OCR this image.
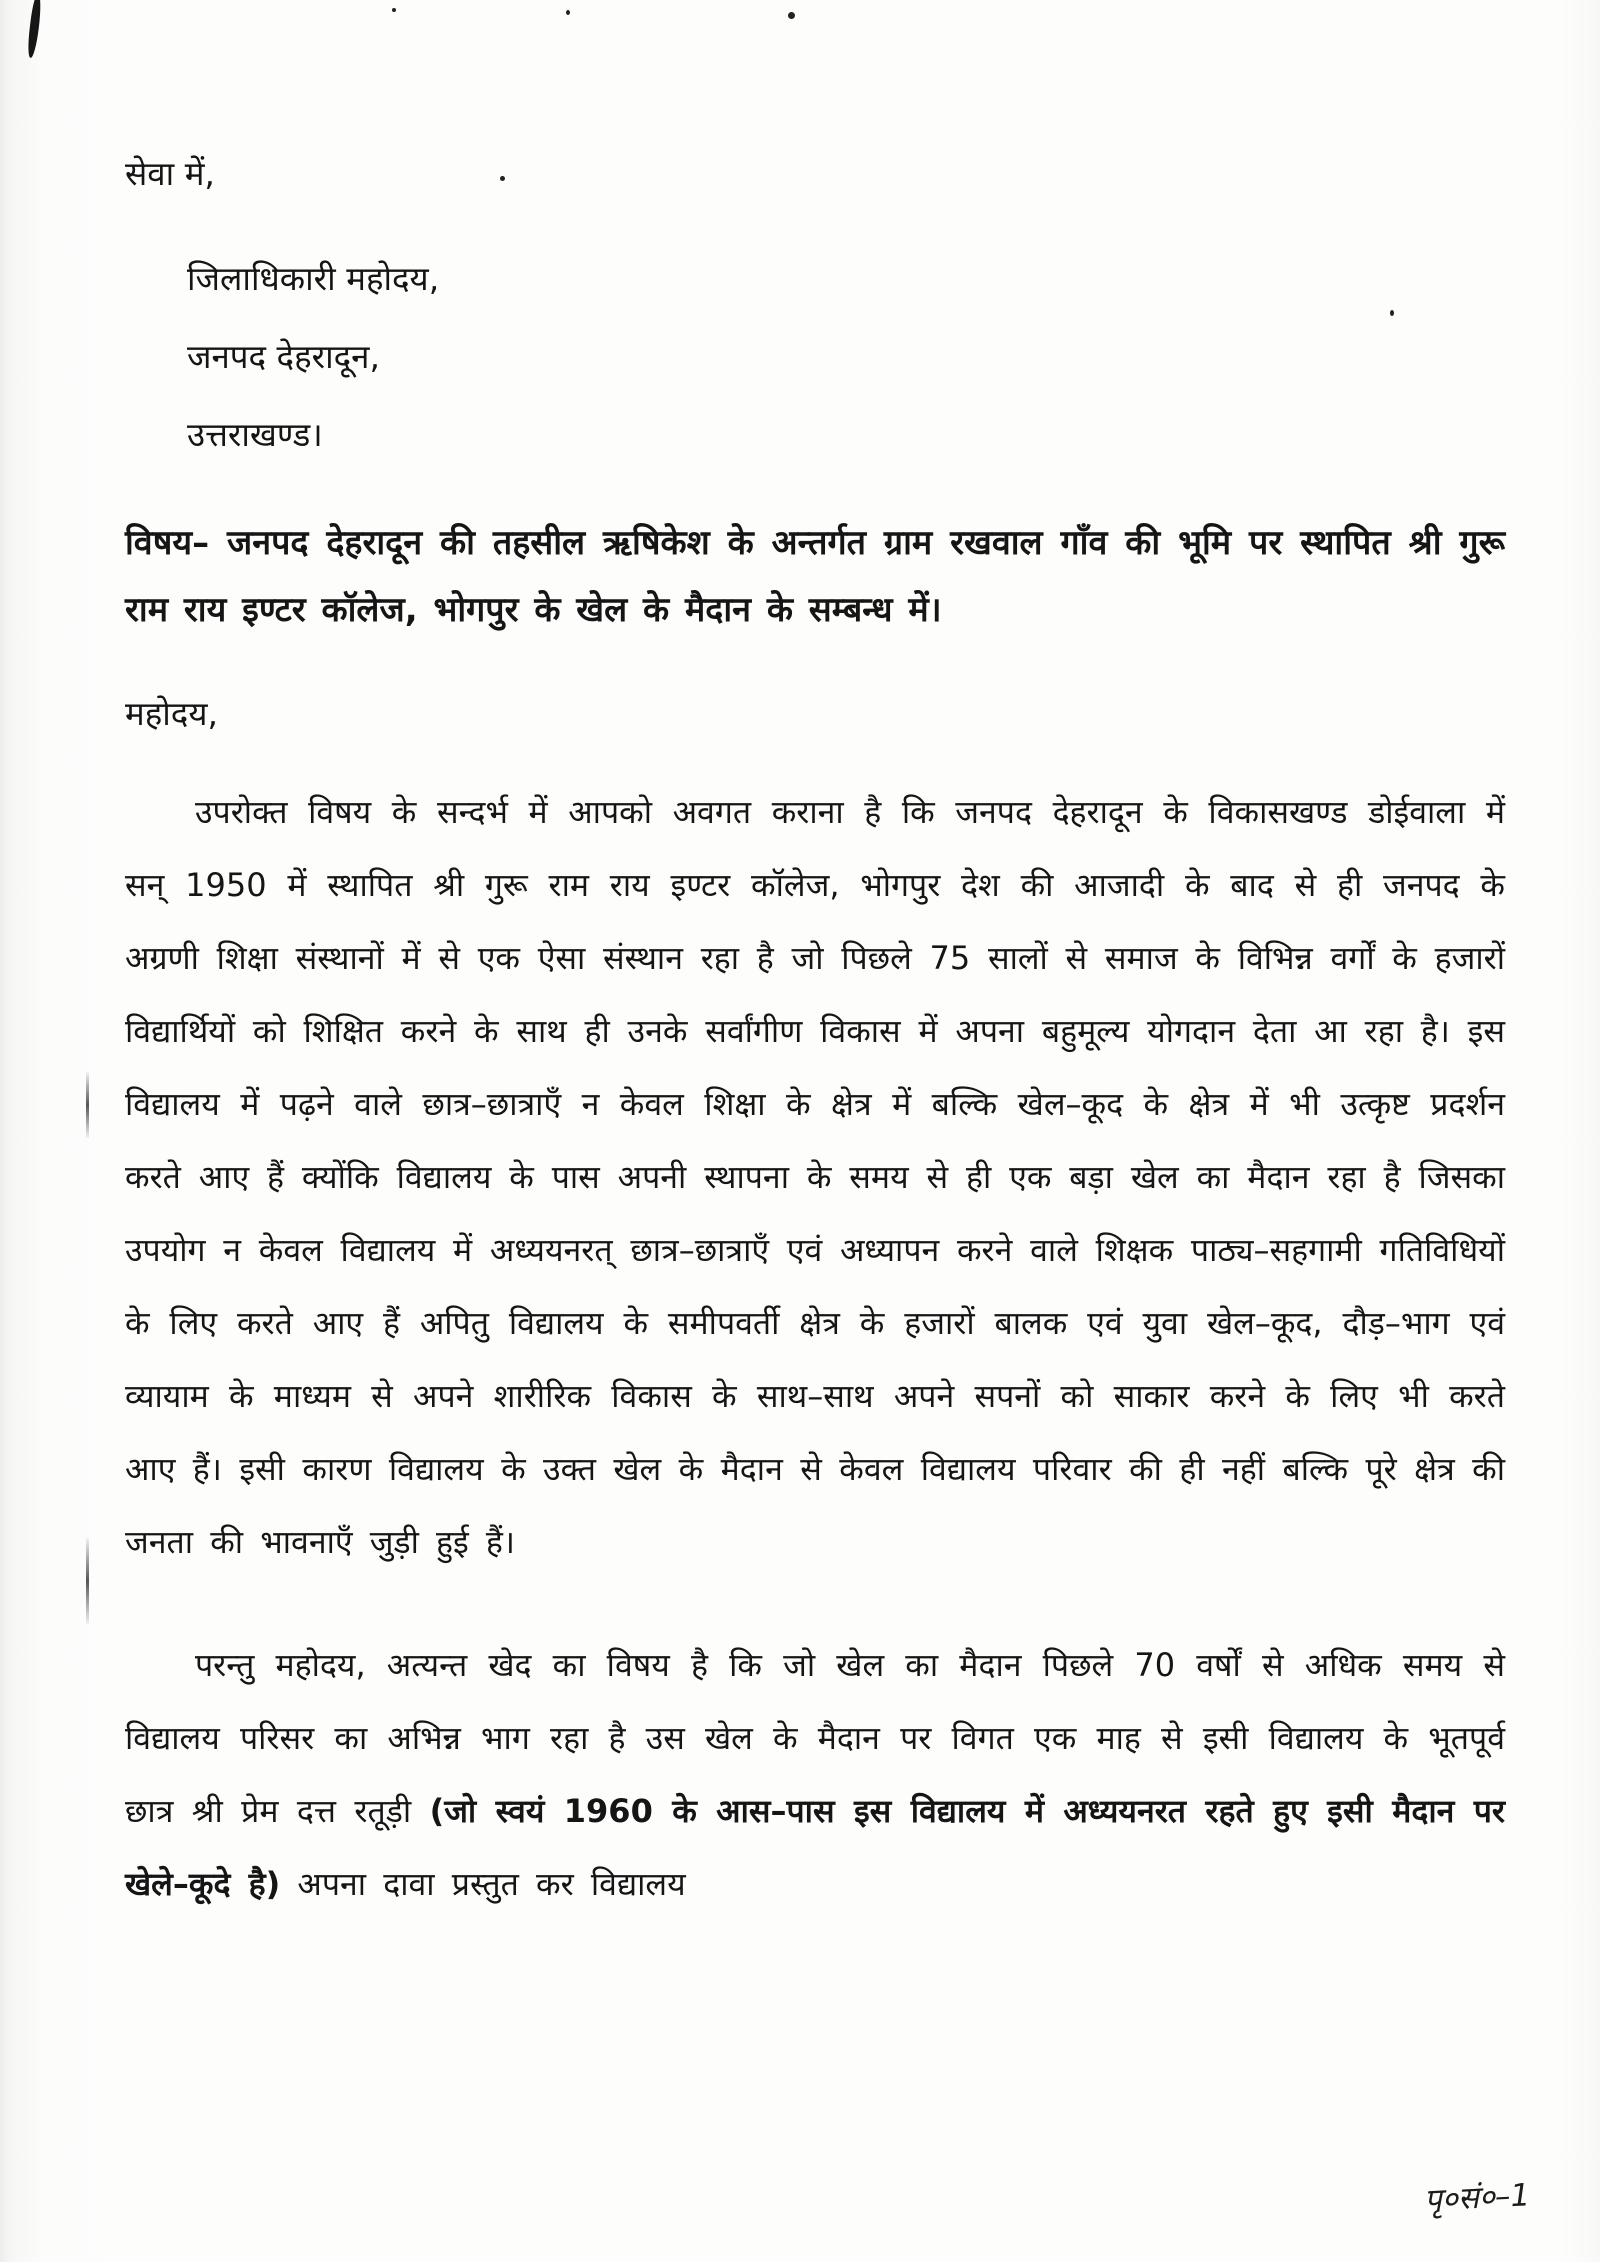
सेवा में,
जिलाधिकारी महोदय,
जनपद देहरादून,
उत्तराखण्ड।
विषय– जनपद देहरादून की तहसील ऋषिकेश के अन्तर्गत ग्राम रखवाल गाँव की भूमि पर स्थापित श्री गुरू राम राय इण्टर कॉलेज, भोगपुर के खेल के मैदान के सम्बन्ध में।
महोदय,
उपरोक्त विषय के सन्दर्भ में आपको अवगत कराना है कि जनपद देहरादून के विकासखण्ड डोईवाला में सन् 1950 में स्थापित श्री गुरू राम राय इण्टर कॉलेज, भोगपुर देश की आजादी के बाद से ही जनपद के अग्रणी शिक्षा संस्थानों में से एक ऐसा संस्थान रहा है जो पिछले 75 सालों से समाज के विभिन्न वर्गों के हजारों विद्यार्थियों को शिक्षित करने के साथ ही उनके सर्वांगीण विकास में अपना बहुमूल्य योगदान देता आ रहा है। इस विद्यालय में पढ़ने वाले छात्र–छात्राएँ न केवल शिक्षा के क्षेत्र में बल्कि खेल–कूद के क्षेत्र में भी उत्कृष्ट प्रदर्शन करते आए हैं क्योंकि विद्यालय के पास अपनी स्थापना के समय से ही एक बड़ा खेल का मैदान रहा है जिसका उपयोग न केवल विद्यालय में अध्ययनरत् छात्र–छात्राएँ एवं अध्यापन करने वाले शिक्षक पाठ्य–सहगामी गतिविधियों के लिए करते आए हैं अपितु विद्यालय के समीपवर्ती क्षेत्र के हजारों बालक एवं युवा खेल–कूद, दौड़–भाग एवं व्यायाम के माध्यम से अपने शारीरिक विकास के साथ–साथ अपने सपनों को साकार करने के लिए भी करते आए हैं। इसी कारण विद्यालय के उक्त खेल के मैदान से केवल विद्यालय परिवार की ही नहीं बल्कि पूरे क्षेत्र की जनता की भावनाएँ जुड़ी हुई हैं।
परन्तु महोदय, अत्यन्त खेद का विषय है कि जो खेल का मैदान पिछले 70 वर्षों से अधिक समय से विद्यालय परिसर का अभिन्न भाग रहा है उस खेल के मैदान पर विगत एक माह से इसी विद्यालय के भूतपूर्व छात्र श्री प्रेम दत्त रतूड़ी (जो स्वयं 1960 के आस–पास इस विद्यालय में अध्ययनरत रहते हुए इसी मैदान पर खेले–कूदे है) अपना दावा प्रस्तुत कर विद्यालय
पृ०सं०–1
